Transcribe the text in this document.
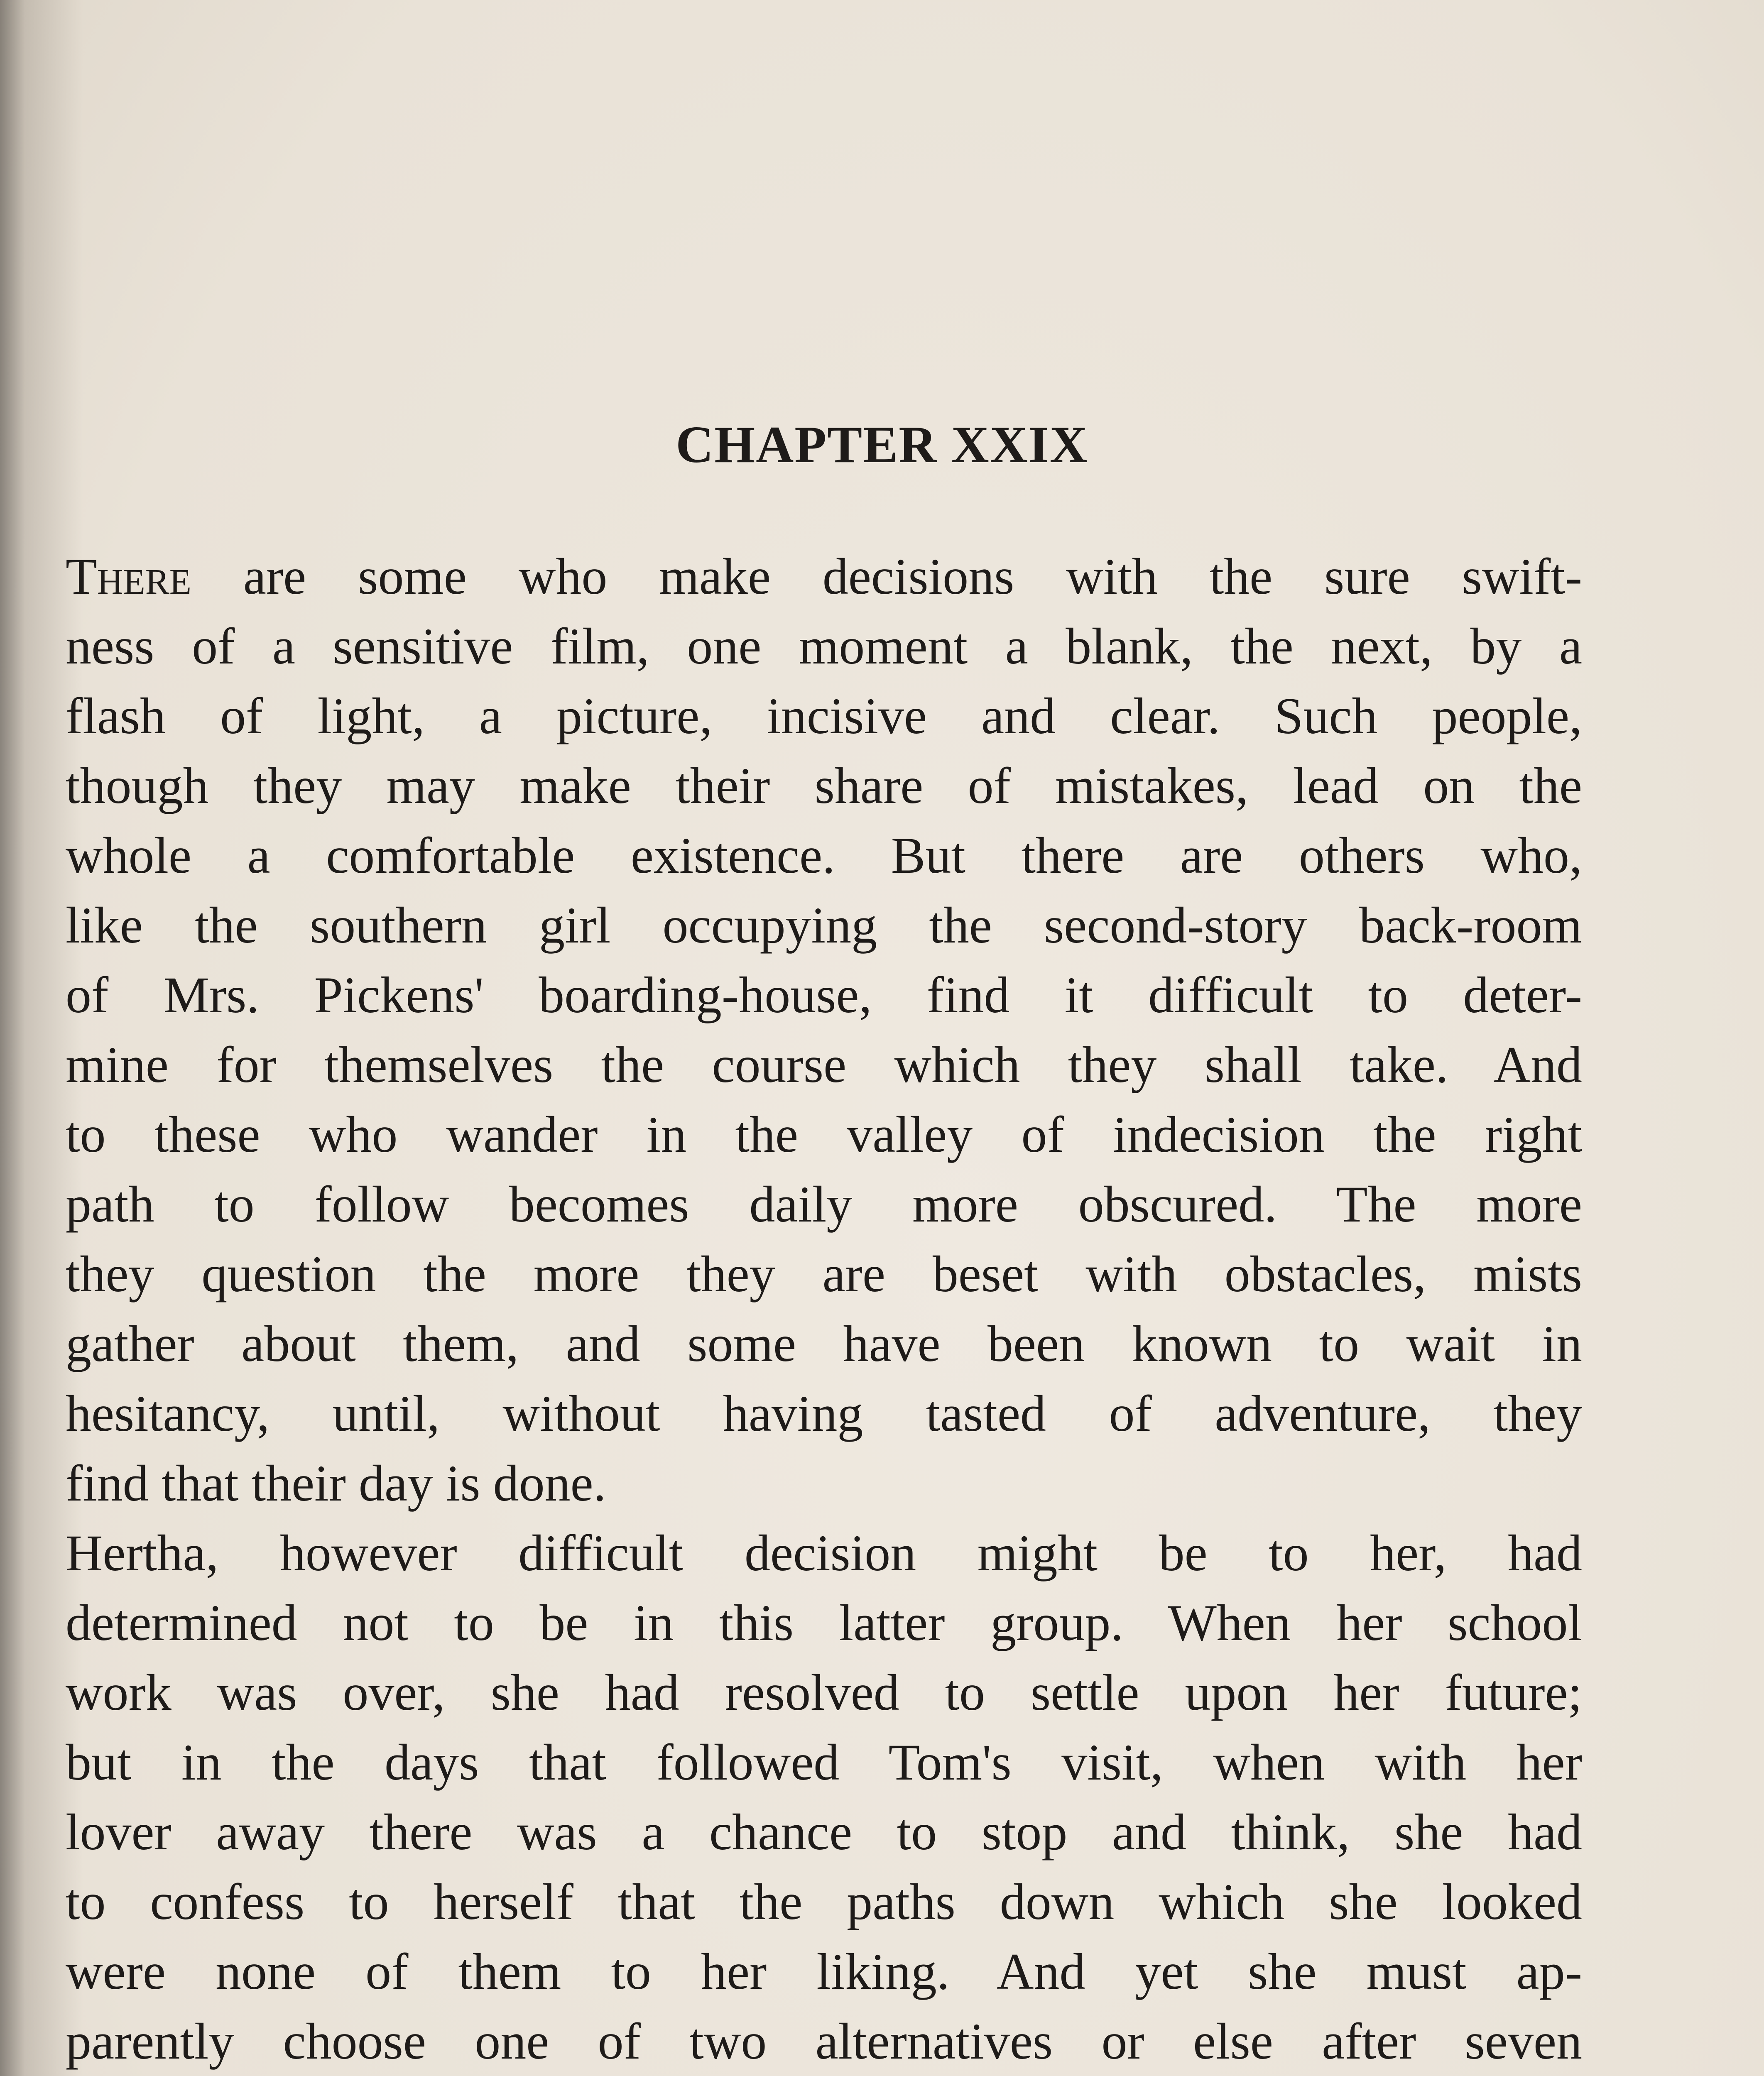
CHAPTER XXIX
There are some who make decisions with the sure swift-
ness of a sensitive film, one moment a blank, the next, by a
flash of light, a picture, incisive and clear. Such people,
though they may make their share of mistakes, lead on the
whole a comfortable existence. But there are others who,
like the southern girl occupying the second-story back-room
of Mrs. Pickens' boarding-house, find it difficult to deter-
mine for themselves the course which they shall take. And
to these who wander in the valley of indecision the right
path to follow becomes daily more obscured. The more
they question the more they are beset with obstacles, mists
gather about them, and some have been known to wait in
hesitancy, until, without having tasted of adventure, they
find that their day is done.
Hertha, however difficult decision might be to her, had
determined not to be in this latter group. When her school
work was over, she had resolved to settle upon her future;
but in the days that followed Tom's visit, when with her
lover away there was a chance to stop and think, she had
to confess to herself that the paths down which she looked
were none of them to her liking. And yet she must ap-
parently choose one of two alternatives or else after seven
